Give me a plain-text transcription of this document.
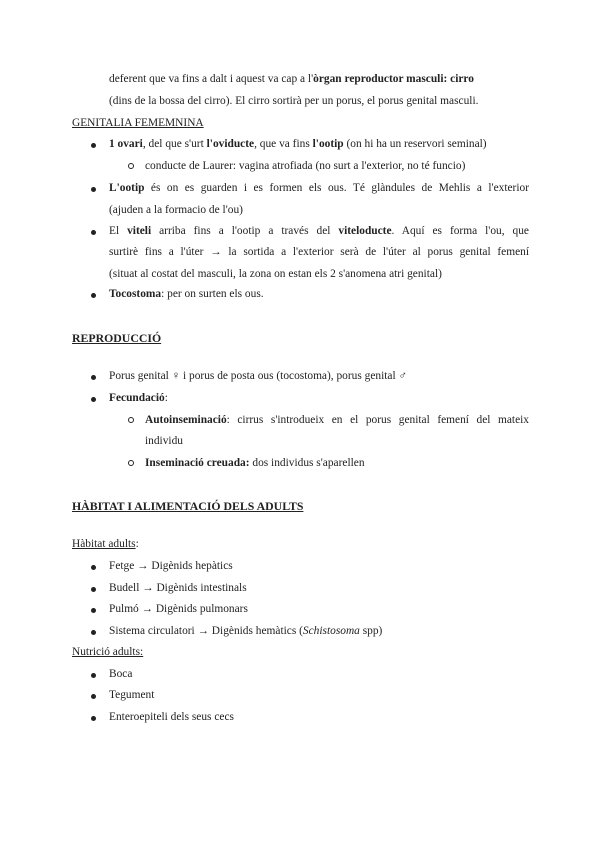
deferent que va fins a dalt i aquest va cap a l'òrgan reproductor masculi: cirro
(dins de la bossa del cirro). El cirro sortirà per un porus, el porus genital masculi.
GENITALIA FEMEMNINA
1 ovari, del que s'urt l'oviducte, que va fins l'ootip (on hi ha un reservori seminal)
conducte de Laurer: vagina atrofiada (no surt a l'exterior, no té funcio)
L'ootip és on es guarden i es formen els ous. Té glàndules de Mehlis a l'exterior
(ajuden a la formacio de l'ou)
El viteli arriba fins a l'ootip a través del viteloducte. Aquí es forma l'ou, que
surtirè fins a l'úter → la sortida a l'exterior serà de l'úter al porus genital femení
(situat al costat del masculi, la zona on estan els 2 s'anomena atri genital)
Tocostoma: per on surten els ous.
REPRODUCCIÓ
Porus genital ♀ i porus de posta ous (tocostoma), porus genital ♂
Fecundació:
Autoinseminació: cirrus s'introdueix en el porus genital femení del mateix
individu
Inseminació creuada: dos individus s'aparellen
HÀBITAT I ALIMENTACIÓ DELS ADULTS
Hàbitat adults:
Fetge → Digènids hepàtics
Budell → Digènids intestinals
Pulmó → Digènids pulmonars
Sistema circulatori → Digènids hemàtics (Schistosoma spp)
Nutrició adults:
Boca
Tegument
Enteroepiteli dels seus cecs
